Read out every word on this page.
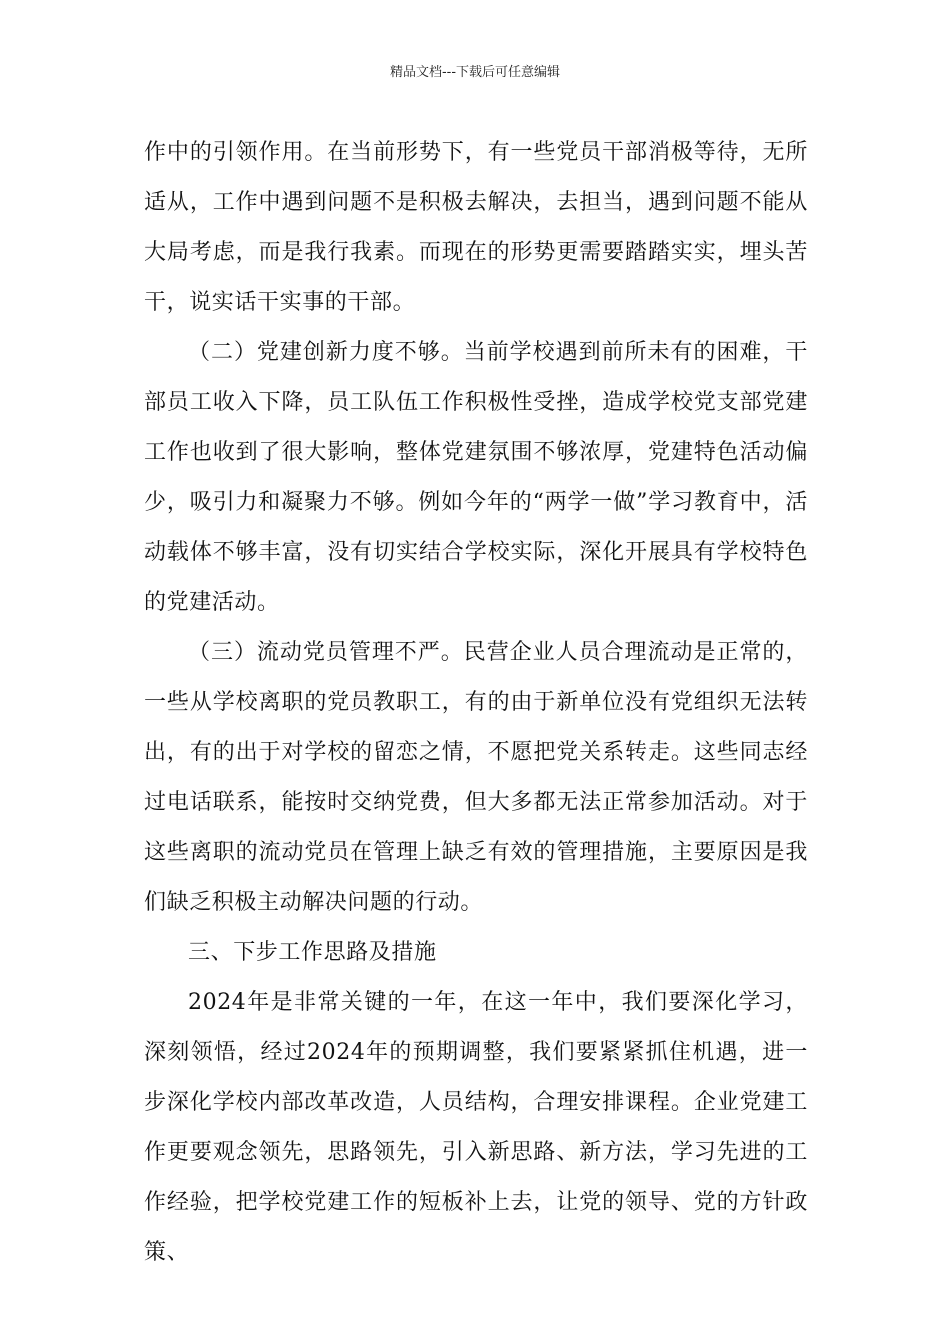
精品文档---下载后可任意编辑

作中的引领作用。在当前形势下，有一些党员干部消极等待，无所适从，工作中遇到问题不是积极去解决，去担当，遇到问题不能从大局考虑，而是我行我素。而现在的形势更需要踏踏实实，埋头苦干，说实话干实事的干部。

（二）党建创新力度不够。当前学校遇到前所未有的困难，干部员工收入下降，员工队伍工作积极性受挫，造成学校党支部党建工作也收到了很大影响，整体党建氛围不够浓厚，党建特色活动偏少，吸引力和凝聚力不够。例如今年的“两学一做”学习教育中，活动载体不够丰富，没有切实结合学校实际，深化开展具有学校特色的党建活动。

（三）流动党员管理不严。民营企业人员合理流动是正常的，一些从学校离职的党员教职工，有的由于新单位没有党组织无法转出，有的出于对学校的留恋之情，不愿把党关系转走。这些同志经过电话联系，能按时交纳党费，但大多都无法正常参加活动。对于这些离职的流动党员在管理上缺乏有效的管理措施，主要原因是我们缺乏积极主动解决问题的行动。

三、下步工作思路及措施

2024年是非常关键的一年，在这一年中，我们要深化学习，深刻领悟，经过2024年的预期调整，我们要紧紧抓住机遇，进一步深化学校内部改革改造，人员结构，合理安排课程。企业党建工作更要观念领先，思路领先，引入新思路、新方法，学习先进的工作经验，把学校党建工作的短板补上去，让党的领导、党的方针政策、
